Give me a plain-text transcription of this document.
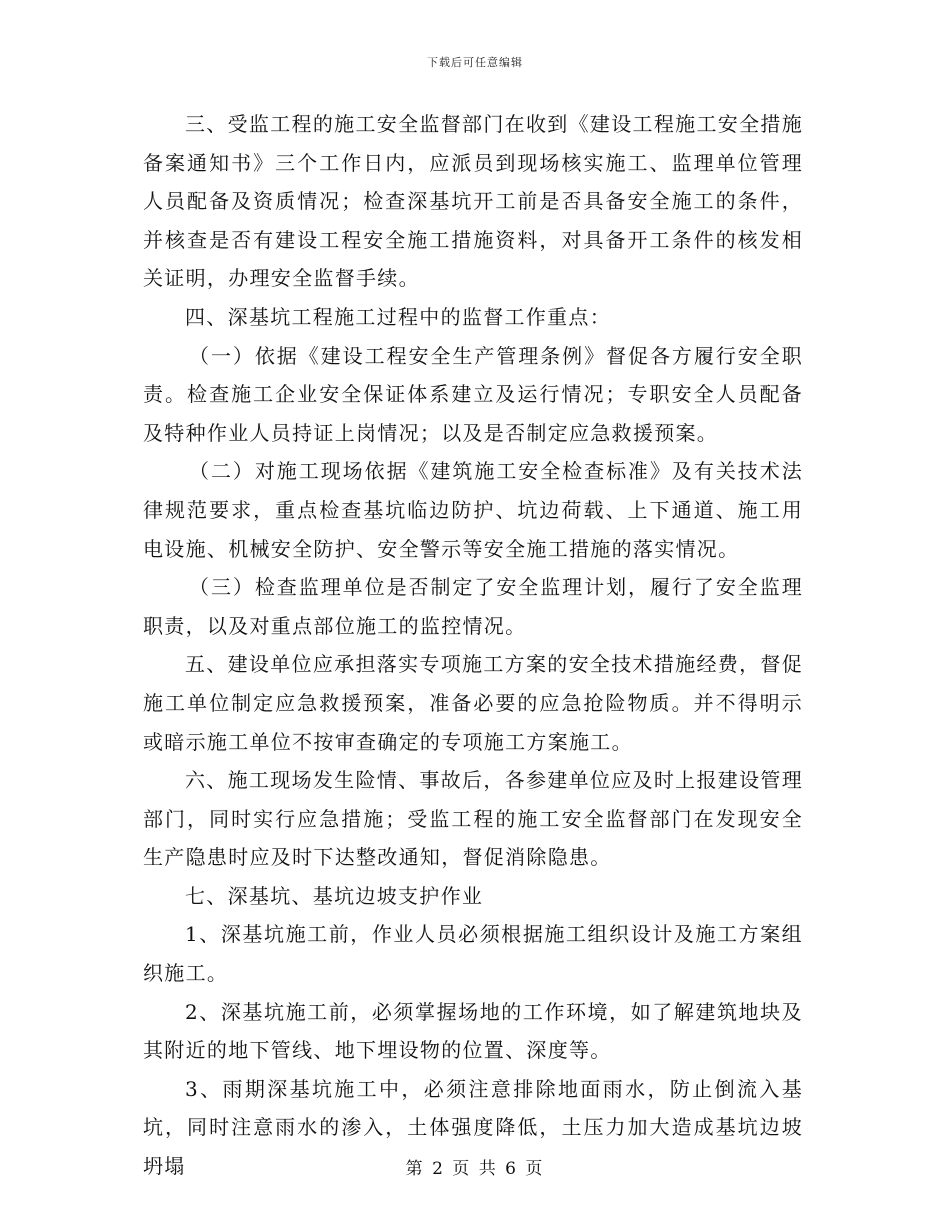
下载后可任意编辑

三、受监工程的施工安全监督部门在收到《建设工程施工安全措施备案通知书》三个工作日内，应派员到现场核实施工、监理单位管理人员配备及资质情况；检查深基坑开工前是否具备安全施工的条件，并核查是否有建设工程安全施工措施资料，对具备开工条件的核发相关证明，办理安全监督手续。

四、深基坑工程施工过程中的监督工作重点：

（一）依据《建设工程安全生产管理条例》督促各方履行安全职责。检查施工企业安全保证体系建立及运行情况；专职安全人员配备及特种作业人员持证上岗情况；以及是否制定应急救援预案。

（二）对施工现场依据《建筑施工安全检查标准》及有关技术法律规范要求，重点检查基坑临边防护、坑边荷载、上下通道、施工用电设施、机械安全防护、安全警示等安全施工措施的落实情况。

（三）检查监理单位是否制定了安全监理计划，履行了安全监理职责，以及对重点部位施工的监控情况。

五、建设单位应承担落实专项施工方案的安全技术措施经费，督促施工单位制定应急救援预案，准备必要的应急抢险物质。并不得明示或暗示施工单位不按审查确定的专项施工方案施工。

六、施工现场发生险情、事故后，各参建单位应及时上报建设管理部门，同时实行应急措施；受监工程的施工安全监督部门在发现安全生产隐患时应及时下达整改通知，督促消除隐患。

七、深基坑、基坑边坡支护作业

1、深基坑施工前，作业人员必须根据施工组织设计及施工方案组织施工。

2、深基坑施工前，必须掌握场地的工作环境，如了解建筑地块及其附近的地下管线、地下埋设物的位置、深度等。

3、雨期深基坑施工中，必须注意排除地面雨水，防止倒流入基坑，同时注意雨水的渗入，土体强度降低，土压力加大造成基坑边坡坍塌	第 2 页 共 6 页
